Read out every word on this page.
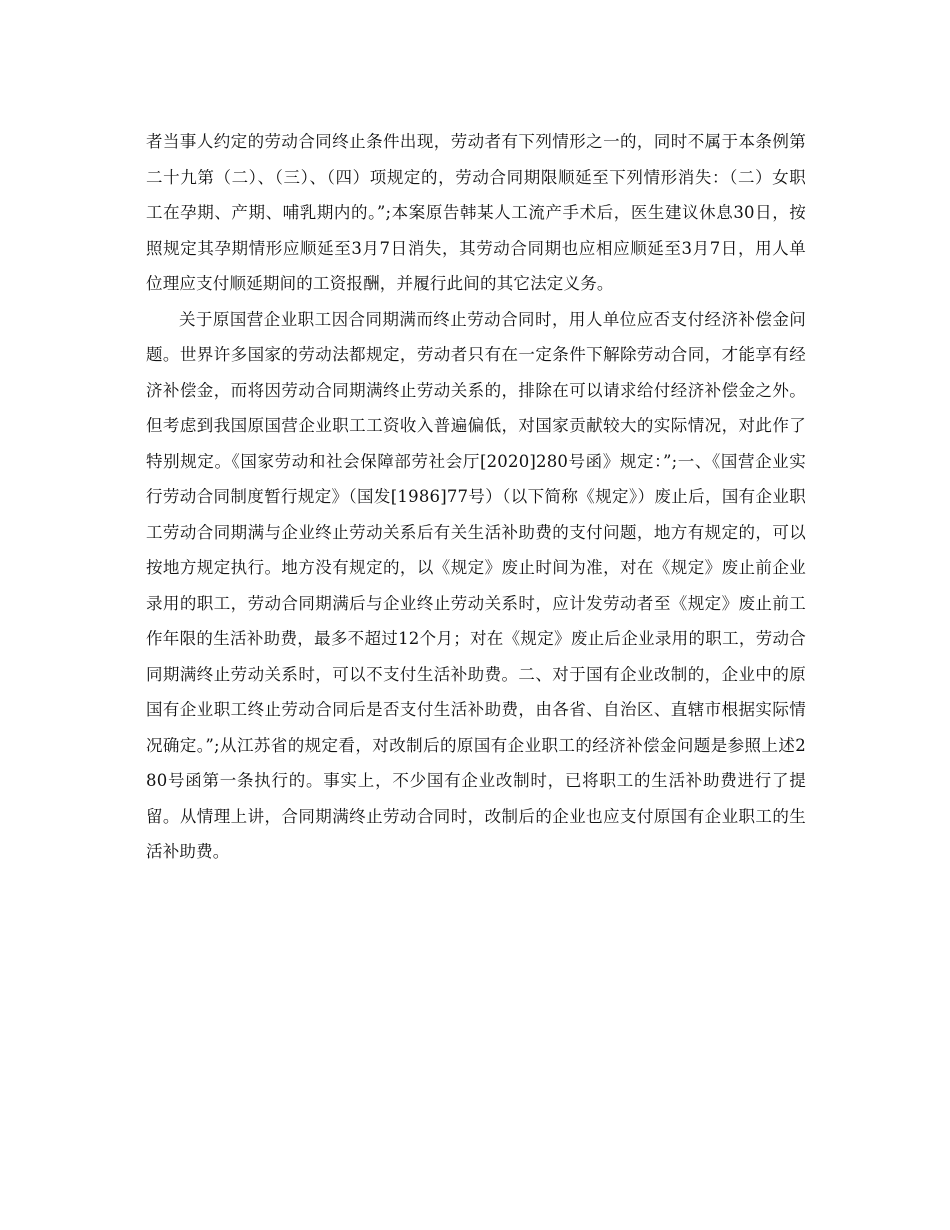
者当事人约定的劳动合同终止条件出现，劳动者有下列情形之一的，同时不属于本条例第二十九第（二）、（三）、（四）项规定的，劳动合同期限顺延至下列情形消失：（二）女职工在孕期、产期、哺乳期内的。”;本案原告韩某人工流产手术后，医生建议休息30日，按照规定其孕期情形应顺延至3月7日消失，其劳动合同期也应相应顺延至3月7日，用人单位理应支付顺延期间的工资报酬，并履行此间的其它法定义务。

关于原国营企业职工因合同期满而终止劳动合同时，用人单位应否支付经济补偿金问题。世界许多国家的劳动法都规定，劳动者只有在一定条件下解除劳动合同，才能享有经济补偿金，而将因劳动合同期满终止劳动关系的，排除在可以请求给付经济补偿金之外。但考虑到我国原国营企业职工工资收入普遍偏低，对国家贡献较大的实际情况，对此作了特别规定。《国家劳动和社会保障部劳社会厅[2020]280号函》规定：”;一、《国营企业实行劳动合同制度暂行规定》（国发[1986]77号）（以下简称《规定》）废止后，国有企业职工劳动合同期满与企业终止劳动关系后有关生活补助费的支付问题，地方有规定的，可以按地方规定执行。地方没有规定的，以《规定》废止时间为准，对在《规定》废止前企业录用的职工，劳动合同期满后与企业终止劳动关系时，应计发劳动者至《规定》废止前工作年限的生活补助费，最多不超过12个月；对在《规定》废止后企业录用的职工，劳动合同期满终止劳动关系时，可以不支付生活补助费。二、对于国有企业改制的，企业中的原国有企业职工终止劳动合同后是否支付生活补助费，由各省、自治区、直辖市根据实际情况确定。”;从江苏省的规定看，对改制后的原国有企业职工的经济补偿金问题是参照上述280号函第一条执行的。事实上，不少国有企业改制时，已将职工的生活补助费进行了提留。从情理上讲，合同期满终止劳动合同时，改制后的企业也应支付原国有企业职工的生活补助费。
